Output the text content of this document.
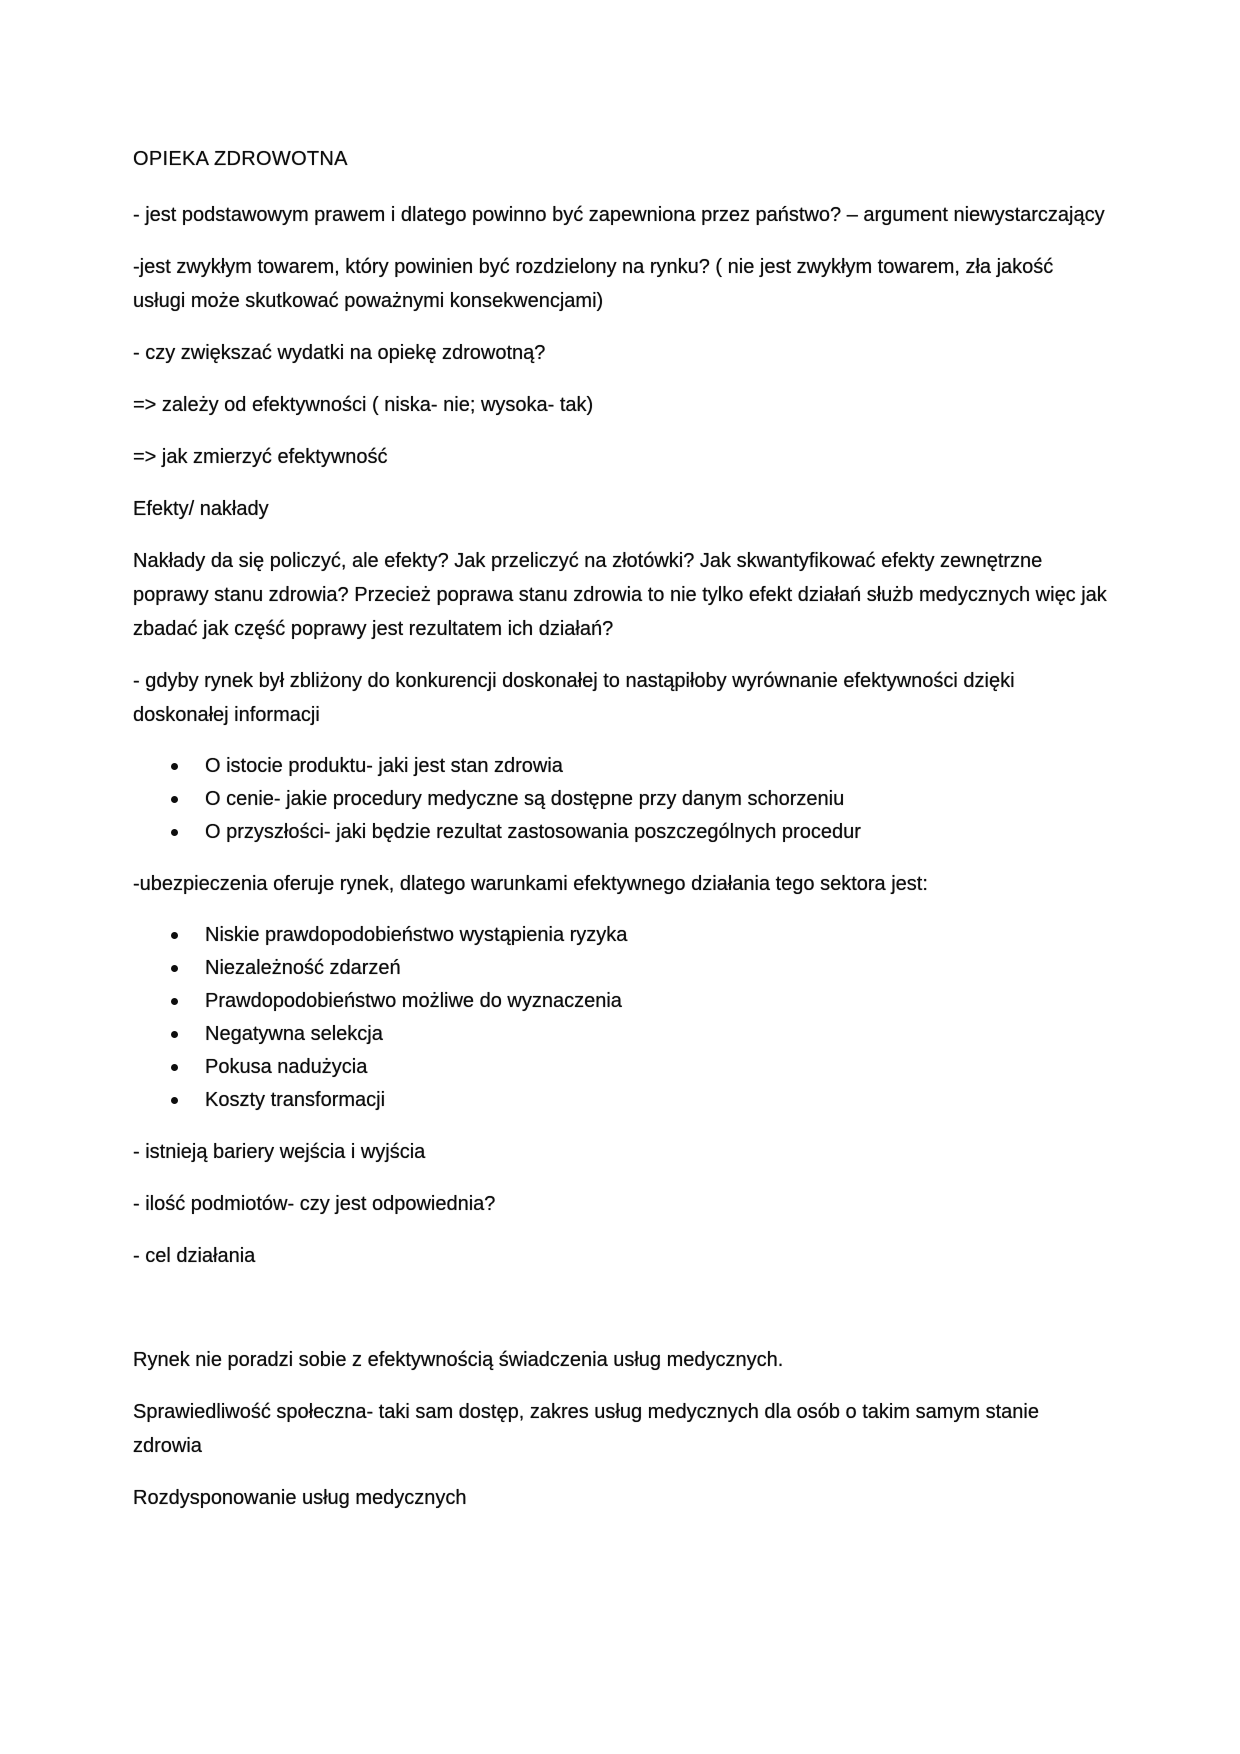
OPIEKA ZDROWOTNA

- jest podstawowym prawem i dlatego powinno być zapewniona przez państwo? – argument niewystarczający

-jest zwykłym towarem, który powinien być rozdzielony na rynku? ( nie jest zwykłym towarem, zła jakość usługi może skutkować poważnymi konsekwencjami)

- czy zwiększać wydatki na opiekę zdrowotną?

=> zależy od efektywności ( niska- nie; wysoka- tak)

=> jak zmierzyć efektywność

Efekty/ nakłady

Nakłady da się policzyć, ale efekty? Jak przeliczyć na złotówki? Jak skwantyfikować efekty zewnętrzne poprawy stanu zdrowia? Przecież poprawa stanu zdrowia to nie tylko efekt działań służb medycznych więc jak zbadać jak część poprawy jest rezultatem ich działań?

- gdyby rynek był zbliżony do konkurencji doskonałej to nastąpiłoby wyrównanie efektywności dzięki doskonałej informacji

O istocie produktu- jaki jest stan zdrowia
O cenie- jakie procedury medyczne są dostępne przy danym schorzeniu
O przyszłości- jaki będzie rezultat zastosowania poszczególnych procedur

-ubezpieczenia oferuje rynek, dlatego warunkami efektywnego działania tego sektora jest:

Niskie prawdopodobieństwo wystąpienia ryzyka
Niezależność zdarzeń
Prawdopodobieństwo możliwe do wyznaczenia
Negatywna selekcja
Pokusa nadużycia
Koszty transformacji

- istnieją bariery wejścia i wyjścia

- ilość podmiotów- czy jest odpowiednia?

- cel działania

Rynek nie poradzi sobie z efektywnością świadczenia usług medycznych.

Sprawiedliwość społeczna- taki sam dostęp, zakres usług medycznych dla osób o takim samym stanie zdrowia

Rozdysponowanie usług medycznych
